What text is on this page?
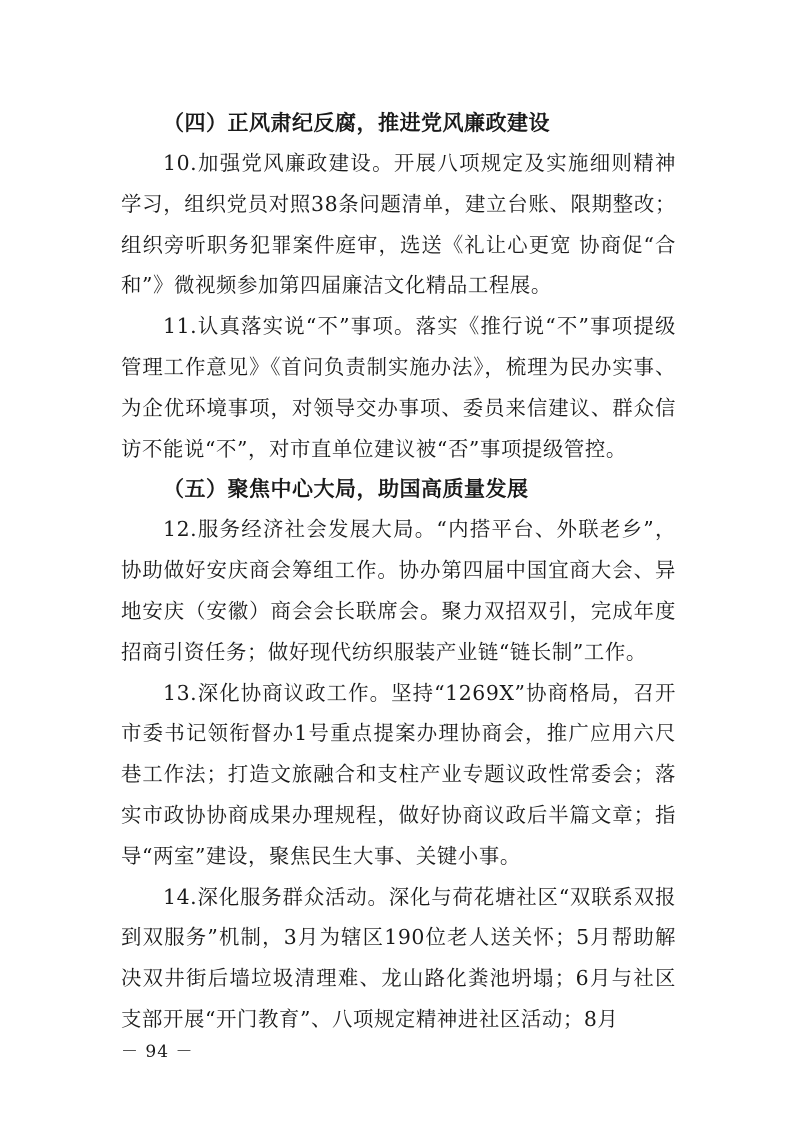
（四）正风肃纪反腐，推进党风廉政建设

10.加强党风廉政建设。开展八项规定及实施细则精神学习，组织党员对照38条问题清单，建立台账、限期整改；组织旁听职务犯罪案件庭审，选送《礼让心更宽 协商促“合和”》微视频参加第四届廉洁文化精品工程展。

11.认真落实说“不”事项。落实《推行说“不”事项提级管理工作意见》《首问负责制实施办法》，梳理为民办实事、为企优环境事项，对领导交办事项、委员来信建议、群众信访不能说“不”，对市直单位建议被“否”事项提级管控。

（五）聚焦中心大局，助国高质量发展

12.服务经济社会发展大局。“内搭平台、外联老乡”，协助做好安庆商会筹组工作。协办第四届中国宜商大会、异地安庆（安徽）商会会长联席会。聚力双招双引，完成年度招商引资任务；做好现代纺织服装产业链“链长制”工作。

13.深化协商议政工作。坚持“1269X”协商格局，召开市委书记领衔督办1号重点提案办理协商会，推广应用六尺巷工作法；打造文旅融合和支柱产业专题议政性常委会；落实市政协协商成果办理规程，做好协商议政后半篇文章；指导“两室”建设，聚焦民生大事、关键小事。

14.深化服务群众活动。深化与荷花塘社区“双联系双报到双服务”机制，3月为辖区190位老人送关怀；5月帮助解决双井街后墙垃圾清理难、龙山路化粪池坍塌；6月与社区支部开展“开门教育”、八项规定精神进社区活动；8月

－ 94 －
